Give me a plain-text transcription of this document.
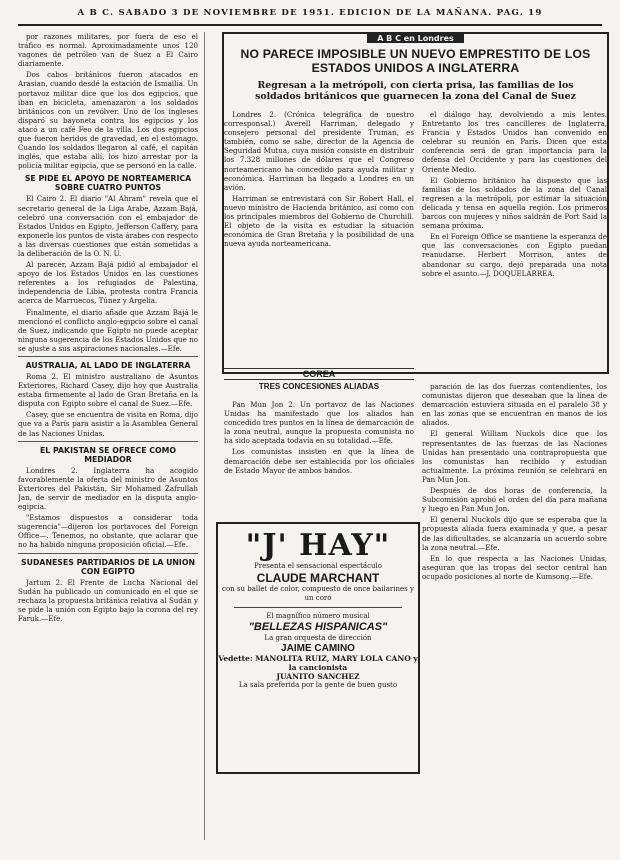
A B C. SABADO 3 DE NOVIEMBRE DE 1951. EDICION DE LA MAÑANA. PAG. 19

por razones militares, por fuera de eso el tráfico es normal. Aproximadamente unos 120 vagones de petróleo van de Suez a El Cairo diariamente.

Dos cabos británicos fueron atacados en Arasian, cuando desdé la estación de Ismailía. Un portavoz militar dice que los dos egipcios, que iban en bicicleta, amenazaron a los soldados británicos con un revólver. Uno de los ingleses disparó su bayoneta contra los egipcios y los atacó a un café Feo de la villa. Los dos egipcios que fueron heridos de gravedad, en el estómago. Cuando los soldados llegaron al café, el capitán inglés, que estaba allí, los hizo arrestar por la policía militar egipcia, que se personó en la calle.

SE PIDE EL APOYO DE NORTEAMERICA SOBRE CUATRO PUNTOS

El Cairo 2. El diario "Al Ahram" revela que el secretario general de la Liga Arabe, Azzam Bajá, celebró una conversación con el embajador de Estados Unidos en Egipto, Jefferson Caffery, para exponerle los puntos de vista árabes con respecto a las diversas cuestiones que están sometidas a la deliberación de la O. N. U.

Al parecer, Azzam Bajá pidió al embajador el apoyo de los Estados Unidos en las cuestiones referentes a los refugiados de Palestina, independencia de Libia, protesta contra Francia acerca de Marruecos, Túnez y Argelia.

Finalmente, el diario añade que Azzam Bajá le mencionó el conflicto anglo-egipcio sobre el canal de Suez, indicando que Egipto no puede aceptar ninguna sugerencia de los Estados Unidos que no se ajuste a sus aspiraciones nacionales.—Efe.

AUSTRALIA, AL LADO DE INGLATERRA

Roma 2. El ministro australiano de Asuntos Exteriores, Richard Casey, dijo hoy que Australia estaba firmemente al lado de Gran Bretaña en la disputa con Egipto sobre el canal de Suez.—Efe.

Casey, que se encuentra de visita en Roma, dijo que va a París para asistir a la Asamblea General de las Naciones Unidas.

EL PAKISTAN SE OFRECE COMO MEDIADOR

Londres 2. Inglaterra ha acogido favorablemente la oferta del ministro de Asuntos Exteriores del Pakistán, Sir Mohamed Zafrullah Jan, de servir de mediador en la disputa anglo-egipcia.

"Estamos dispuestos a considerar toda sugerencia"—dijeron los portavoces del Foreign Office—. Tenemos, no obstante, que aclarar que no ha habido ninguna proposición oficial.—Efe.

SUDANESES PARTIDARIOS DE LA UNION CON EGIPTO

Jartum 2. El Frente de Lucha Nacional del Sudán ha publicado un comunicado en el que se rechaza la propuesta británica relativa al Sudán y se pide la unión con Egipto bajo la corona del rey Faruk.—Efe.

A B C en Londres
NO PARECE IMPOSIBLE UN NUEVO EMPRESTITO DE LOS ESTADOS UNIDOS A INGLATERRA
Regresan a la metrópoli, con cierta prisa, las familias de los soldados británicos que guarnecen la zona del Canal de Suez

Londres 2. (Crónica telegráfica de nuestro corresponsal.) Averell Harriman, delegado y consejero personal del presidente Truman, es también, como se sabe, director de la Agencia de Seguridad Mutua, cuya misión consiste en distribuir los 7.328 millones de dólares que el Congreso norteamericano ha concedido para ayuda militar y económica. Harriman ha llegado a Londres en un avión.

Harriman se entrevistará con Sir Robert Hall, el nuevo ministro de Hacienda británico, así como con los principales miembros del Gobierno de Churchill. El objeto de la visita es estudiar la situación económica de Gran Bretaña y la posibilidad de una nueva ayuda norteamericana.

el diálogo hay, devolviendo a mis lentes. Entretanto los tres cancilleres de Inglaterra, Francia y Estados Unidos han convenido en celebrar su reunión en París. Dicen que esta conferencia será de gran importancia para la defensa del Occidente y para las cuestiones del Oriente Medio.

El Gobierno británico ha dispuesto que las familias de los soldados de la zona del Canal regresen a la metrópoli, por estimar la situación delicada y tensa en aquella región. Los primeros barcos con mujeres y niños saldrán de Port Said la semana próxima.

En el Foreign Office se mantiene la esperanza de que las conversaciones con Egipto puedan reanudarse. Herbert Morrison, antes de abandonar su cargo, dejó preparada una nota sobre el asunto.—J. DOQUELARREA.

COREA
TRES CONCESIONES ALIADAS

Pan Mun Jon 2. Un portavoz de las Naciones Unidas ha manifestado que los aliados han concedido tres puntos en la línea de demarcación de la zona neutral, aunque la propuesta comunista no ha sido aceptada todavía en su totalidad.—Efe.

Los comunistas insisten en que la línea de demarcación debe ser establecida por los oficiales de Estado Mayor de ambos bandos.

paración de las dos fuerzas contendientes, los comunistas dijeron que deseaban que la línea de demarcación estuviera situada en el paralelo 38 y en las zonas que se encuentran en manos de los aliados.

El general William Nuckols dice que los representantes de las fuerzas de las Naciones Unidas han presentado una contrapropuesta que los comunistas han recibido y estudian actualmente. La próxima reunión se celebrará en Pan Mun Jon.

Después de dos horas de conferencia, la Subcomisión aprobó el orden del día para mañana y luego en Pan Mun Jon.

El general Nuckols dijo que se esperaba que la propuesta aliada fuera examinada y que, a pesar de las dificultades, se alcanzaría un acuerdo sobre la zona neutral.—Efe.

En lo que respecta a las Naciones Unidas, aseguran que las tropas del sector central han ocupado posiciones al norte de Kumsong.—Efe.

"J' HAY"
Presenta el sensacional espectáculo
CLAUDE MARCHANT
con su ballet de color, compuesto de once bailarines y un coro
El magnífico número musical
"BELLEZAS HISPANICAS"
La gran orquesta de dirección
JAIME CAMINO
Vedette: MANOLITA RUIZ, MARY LOLA CANO y la cancionista
JUANITO SANCHEZ
La sala preferida por la gente de buen gusto
